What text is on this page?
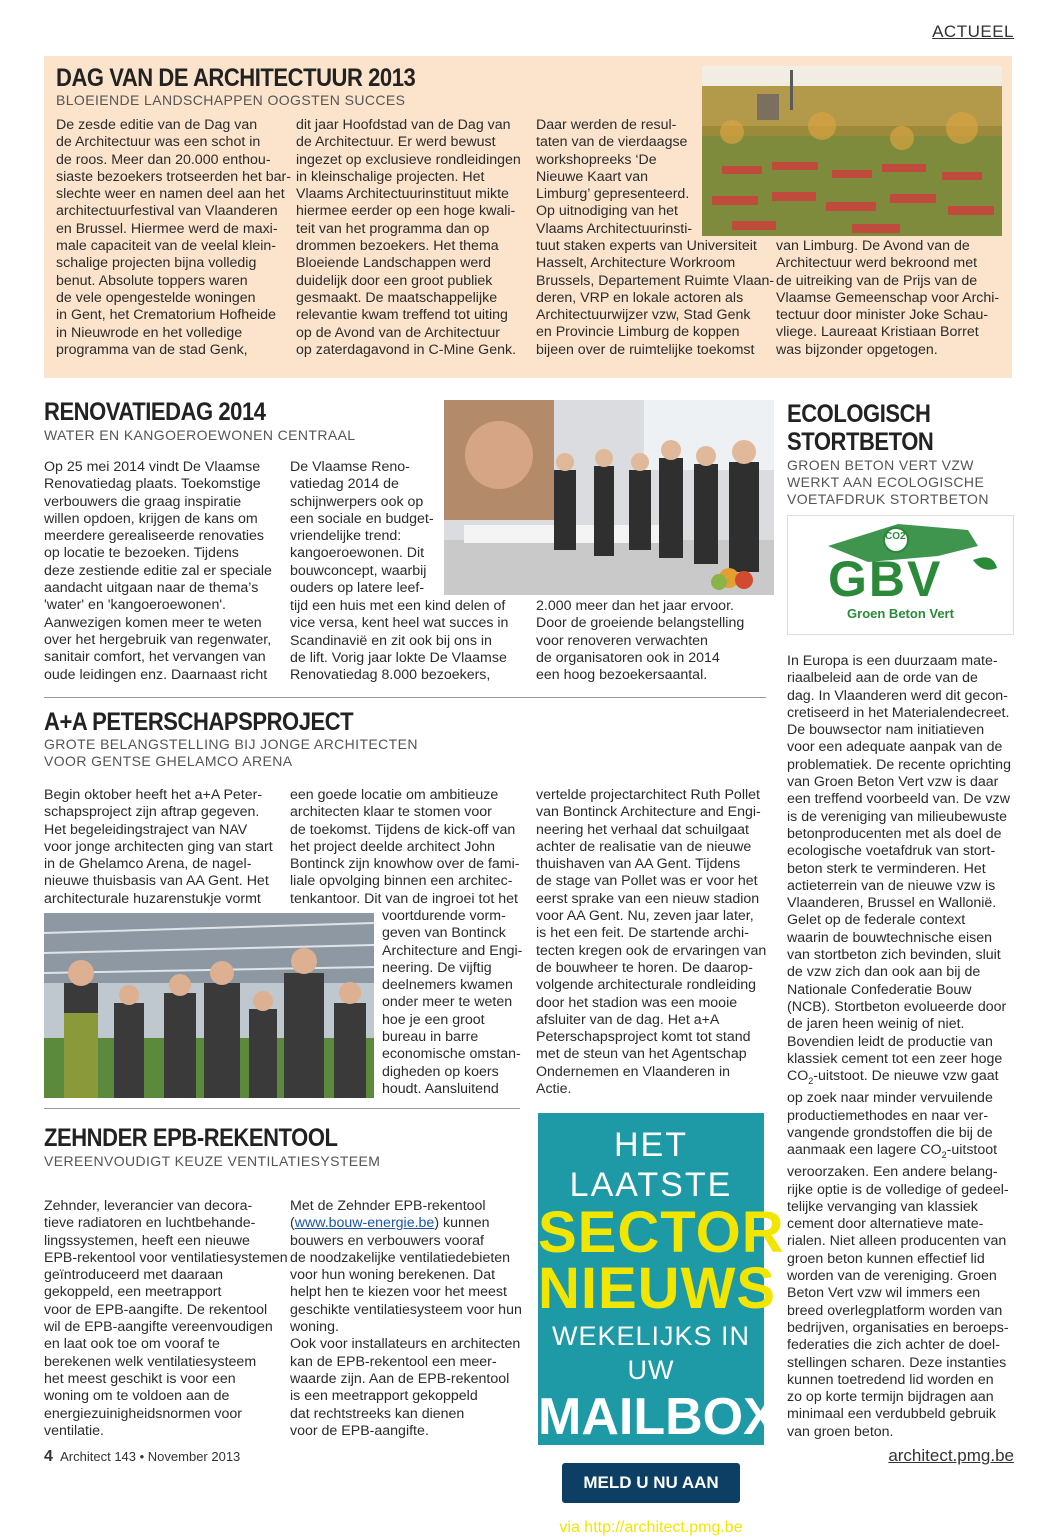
ACTUEEL
DAG VAN DE ARCHITECTUUR 2013
BLOEIENDE LANDSCHAPPEN OOGSTEN SUCCES
De zesde editie van de Dag van
de Architectuur was een schot in
de roos. Meer dan 20.000 enthou-
siaste bezoekers trotseerden het bar-
slechte weer en namen deel aan het
architectuurfestival van Vlaanderen
en Brussel. Hiermee werd de maxi-
male capaciteit van de veelal klein-
schalige projecten bijna volledig
benut. Absolute toppers waren
de vele opengestelde woningen
in Gent, het Crematorium Hofheide
in Nieuwrode en het volledige
programma van de stad Genk,
dit jaar Hoofdstad van de Dag van
de Architectuur. Er werd bewust
ingezet op exclusieve rondleidingen
in kleinschalige projecten. Het
Vlaams Architectuurinstituut mikte
hiermee eerder op een hoge kwali-
teit van het programma dan op
drommen bezoekers. Het thema
Bloeiende Landschappen werd
duidelijk door een groot publiek
gesmaakt. De maatschappelijke
relevantie kwam treffend tot uiting
op de Avond van de Architectuur
op zaterdagavond in C-Mine Genk.
Daar werden de resul-
taten van de vierdaagse
workshopreeks ‘De
Nieuwe Kaart van
Limburg’ gepresenteerd.
Op uitnodiging van het
Vlaams Architectuurinsti-
tuut staken experts van Universiteit
Hasselt, Architecture Workroom
Brussels, Departement Ruimte Vlaan-
deren, VRP en lokale actoren als
Architectuurwijzer vzw, Stad Genk
en Provincie Limburg de koppen
bijeen over de ruimtelijke toekomst
van Limburg. De Avond van de
Architectuur werd bekroond met
de uitreiking van de Prijs van de
Vlaamse Gemeenschap voor Archi-
tectuur door minister Joke Schau-
vliege. Laureaat Kristiaan Borret
was bijzonder opgetogen.
RENOVATIEDAG 2014
WATER EN KANGOEROEWONEN CENTRAAL
Op 25 mei 2014 vindt De Vlaamse
Renovatiedag plaats. Toekomstige
verbouwers die graag inspiratie
willen opdoen, krijgen de kans om
meerdere gerealiseerde renovaties
op locatie te bezoeken. Tijdens
deze zestiende editie zal er speciale
aandacht uitgaan naar de thema’s
'water' en 'kangoeroewonen'.
Aanwezigen komen meer te weten
over het hergebruik van regenwater,
sanitair comfort, het vervangen van
oude leidingen enz. Daarnaast richt
De Vlaamse Reno-
vatiedag 2014 de
schijnwerpers ook op
een sociale en budget-
vriendelijke trend:
kangoeroewonen. Dit
bouwconcept, waarbij
ouders op latere leef-
tijd een huis met een kind delen of
vice versa, kent heel wat succes in
Scandinavië en zit ook bij ons in
de lift. Vorig jaar lokte De Vlaamse
Renovatiedag 8.000 bezoekers,
2.000 meer dan het jaar ervoor.
Door de groeiende belangstelling
voor renoveren verwachten
de organisatoren ook in 2014
een hoog bezoekersaantal.
A+A PETERSCHAPSPROJECT
GROTE BELANGSTELLING BIJ JONGE ARCHITECTEN
VOOR GENTSE GHELAMCO ARENA
Begin oktober heeft het a+A Peter-
schapsproject zijn aftrap gegeven.
Het begeleidingstraject van NAV
voor jonge architecten ging van start
in de Ghelamco Arena, de nagel-
nieuwe thuisbasis van AA Gent. Het
architecturale huzarenstukje vormt
een goede locatie om ambitieuze
architecten klaar te stomen voor
de toekomst. Tijdens de kick-off van
het project deelde architect John
Bontinck zijn knowhow over de fami-
liale opvolging binnen een architec-
tenkantoor. Dit van de ingroei tot het
voortdurende vorm-
geven van Bontinck
Architecture and Engi-
neering. De vijftig
deelnemers kwamen
onder meer te weten
hoe je een groot
bureau in barre
economische omstan-
digheden op koers
houdt. Aansluitend
vertelde projectarchitect Ruth Pollet
van Bontinck Architecture and Engi-
neering het verhaal dat schuilgaat
achter de realisatie van de nieuwe
thuishaven van AA Gent. Tijdens
de stage van Pollet was er voor het
eerst sprake van een nieuw stadion
voor AA Gent. Nu, zeven jaar later,
is het een feit. De startende archi-
tecten kregen ook de ervaringen van
de bouwheer te horen. De daarop-
volgende architecturale rondleiding
door het stadion was een mooie
afsluiter van de dag. Het a+A
Peterschapsproject komt tot stand
met de steun van het Agentschap
Ondernemen en Vlaanderen in
Actie.
ZEHNDER EPB-REKENTOOL
VEREENVOUDIGT KEUZE VENTILATIESYSTEEM
Zehnder, leverancier van decora-
tieve radiatoren en luchtbehande-
lingssystemen, heeft een nieuwe
EPB-rekentool voor ventilatiesystemen
geïntroduceerd met daaraan
gekoppeld, een meetrapport
voor de EPB-aangifte. De rekentool
wil de EPB-aangifte vereenvoudigen
en laat ook toe om vooraf te
berekenen welk ventilatiesysteem
het meest geschikt is voor een
woning om te voldoen aan de
energiezuinigheidsnormen voor
ventilatie.
Met de Zehnder EPB-rekentool
(www.bouw-energie.be) kunnen
bouwers en verbouwers vooraf
de noodzakelijke ventilatiedebieten
voor hun woning berekenen. Dat
helpt hen te kiezen voor het meest
geschikte ventilatiesysteem voor hun
woning.
Ook voor installateurs en architecten
kan de EPB-rekentool een meer-
waarde zijn. Aan de EPB-rekentool
is een meetrapport gekoppeld
dat rechtstreeks kan dienen
voor de EPB-aangifte.
HET LAATSTE
SECTOR
NIEUWS
WEKELIJKS IN UW
MAILBOX
MELD U NU AAN
via http://architect.pmg.be
ECOLOGISCH
STORTBETON
GROEN BETON VERT VZW
WERKT AAN ECOLOGISCHE
VOETAFDRUK STORTBETON
CO2
GBV
Groen Beton Vert
In Europa is een duurzaam mate-
riaalbeleid aan de orde van de
dag. In Vlaanderen werd dit gecon-
cretiseerd in het Materialendecreet.
De bouwsector nam initiatieven
voor een adequate aanpak van de
problematiek. De recente oprichting
van Groen Beton Vert vzw is daar
een treffend voorbeeld van. De vzw
is de vereniging van milieubewuste
betonproducenten met als doel de
ecologische voetafdruk van stort-
beton sterk te verminderen. Het
actieterrein van de nieuwe vzw is
Vlaanderen, Brussel en Wallonië.
Gelet op de federale context
waarin de bouwtechnische eisen
van stortbeton zich bevinden, sluit
de vzw zich dan ook aan bij de
Nationale Confederatie Bouw
(NCB). Stortbeton evolueerde door
de jaren heen weinig of niet.
Bovendien leidt de productie van
klassiek cement tot een zeer hoge
$CO_2$-uitstoot. De nieuwe vzw gaat
op zoek naar minder vervuilende
productiemethodes en naar ver-
vangende grondstoffen die bij de
aanmaak een lagere $CO_2$-uitstoot
veroorzaken. Een andere belang-
rijke optie is de volledige of gedeel-
telijke vervanging van klassiek
cement door alternatieve mate-
rialen. Niet alleen producenten van
groen beton kunnen effectief lid
worden van de vereniging. Groen
Beton Vert vzw wil immers een
breed overlegplatform worden van
bedrijven, organisaties en beroeps-
federaties die zich achter de doel-
stellingen scharen. Deze instanties
kunnen toetredend lid worden en
zo op korte termijn bijdragen aan
minimaal een verdubbeld gebruik
van groen beton.
4 Architect 143 • November 2013	architect.pmg.be
